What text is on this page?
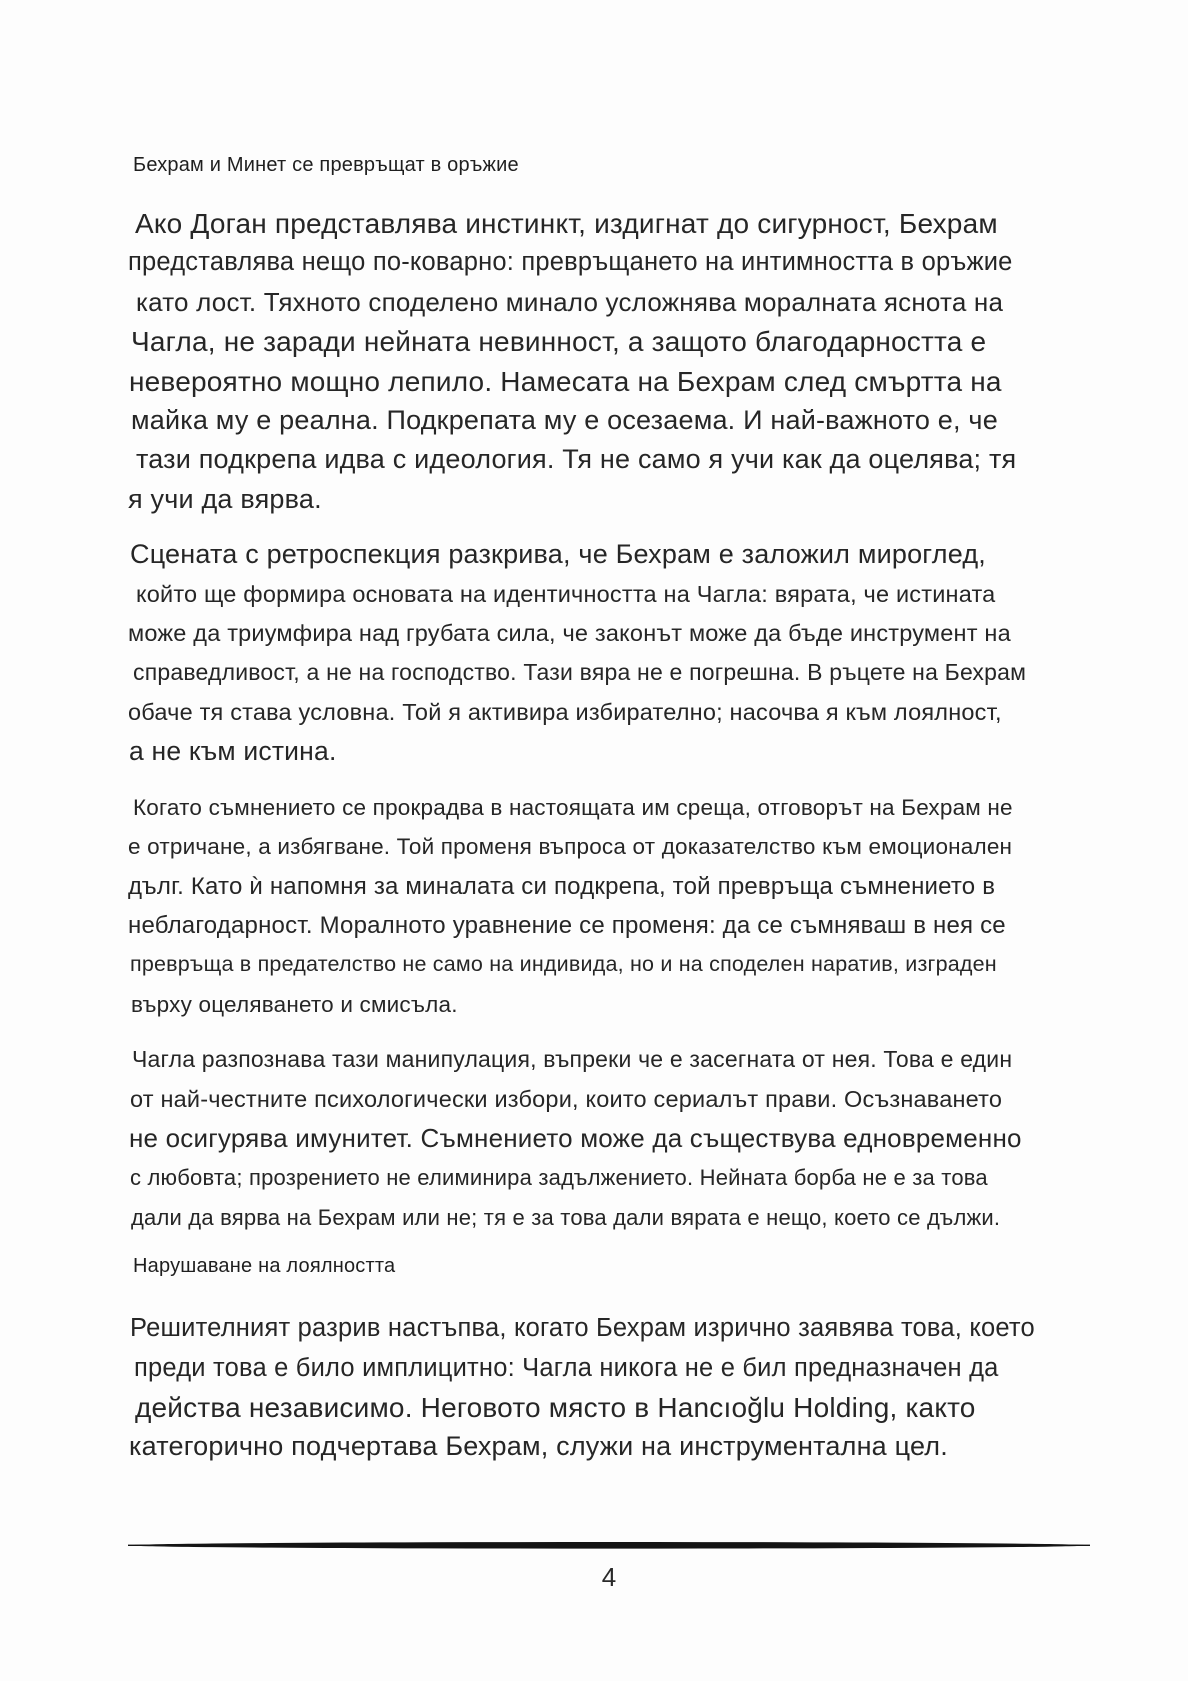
Бехрам и Минет се превръщат в оръжие
Ако Доган представлява инстинкт, издигнат до сигурност, Бехрам
представлява нещо по-коварно: превръщането на интимността в оръжие
като лост. Тяхното споделено минало усложнява моралната яснота на
Чагла, не заради нейната невинност, а защото благодарността е
невероятно мощно лепило. Намесата на Бехрам след смъртта на
майка му е реална. Подкрепата му е осезаема. И най-важното е, че
тази подкрепа идва с идеология. Тя не само я учи как да оцелява; тя
я учи да вярва.
Сцената с ретроспекция разкрива, че Бехрам е заложил мироглед,
който ще формира основата на идентичността на Чагла: вярата, че истината
може да триумфира над грубата сила, че законът може да бъде инструмент на
справедливост, а не на господство. Тази вяра не е погрешна. В ръцете на Бехрам
обаче тя става условна. Той я активира избирателно; насочва я към лоялност,
а не към истина.
Когато съмнението се прокрадва в настоящата им среща, отговорът на Бехрам не
е отричане, а избягване. Той променя въпроса от доказателство към емоционален
дълг. Като ѝ напомня за миналата си подкрепа, той превръща съмнението в
неблагодарност. Моралното уравнение се променя: да се съмняваш в нея се
превръща в предателство не само на индивида, но и на споделен наратив, изграден
върху оцеляването и смисъла.
Чагла разпознава тази манипулация, въпреки че е засегната от нея. Това е един
от най-честните психологически избори, които сериалът прави. Осъзнаването
не осигурява имунитет. Съмнението може да съществува едновременно
с любовта; прозрението не елиминира задължението. Нейната борба не е за това
дали да вярва на Бехрам или не; тя е за това дали вярата е нещо, което се дължи.
Нарушаване на лоялността
Решителният разрив настъпва, когато Бехрам изрично заявява това, което
преди това е било имплицитно: Чагла никога не е бил предназначен да
действа независимо. Неговото място в Hancıoğlu Holding, както
категорично подчертава Бехрам, служи на инструментална цел.
4
